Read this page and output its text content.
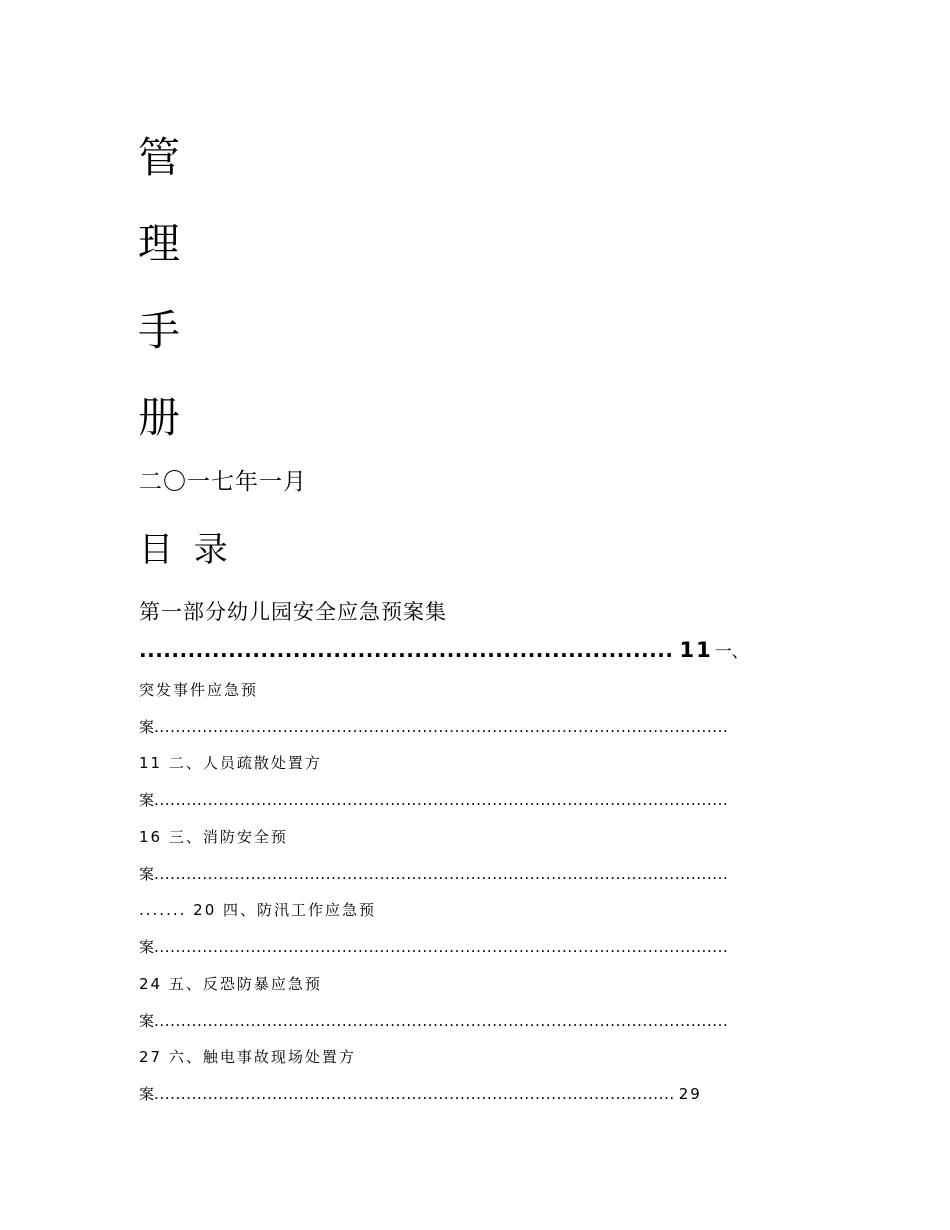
管
理
手
册
二〇一七年一月
目 录
第一部分幼儿园安全应急预案集
.................................................................. 11 一、
突发事件应急预
案...........................................................................................................
11 二、人员疏散处置方
案...........................................................................................................
16 三、消防安全预
案...........................................................................................................
....... 20 四、防汛工作应急预
案...........................................................................................................
24 五、反恐防暴应急预
案...........................................................................................................
27 六、触电事故现场处置方
案................................................................................................. 29
